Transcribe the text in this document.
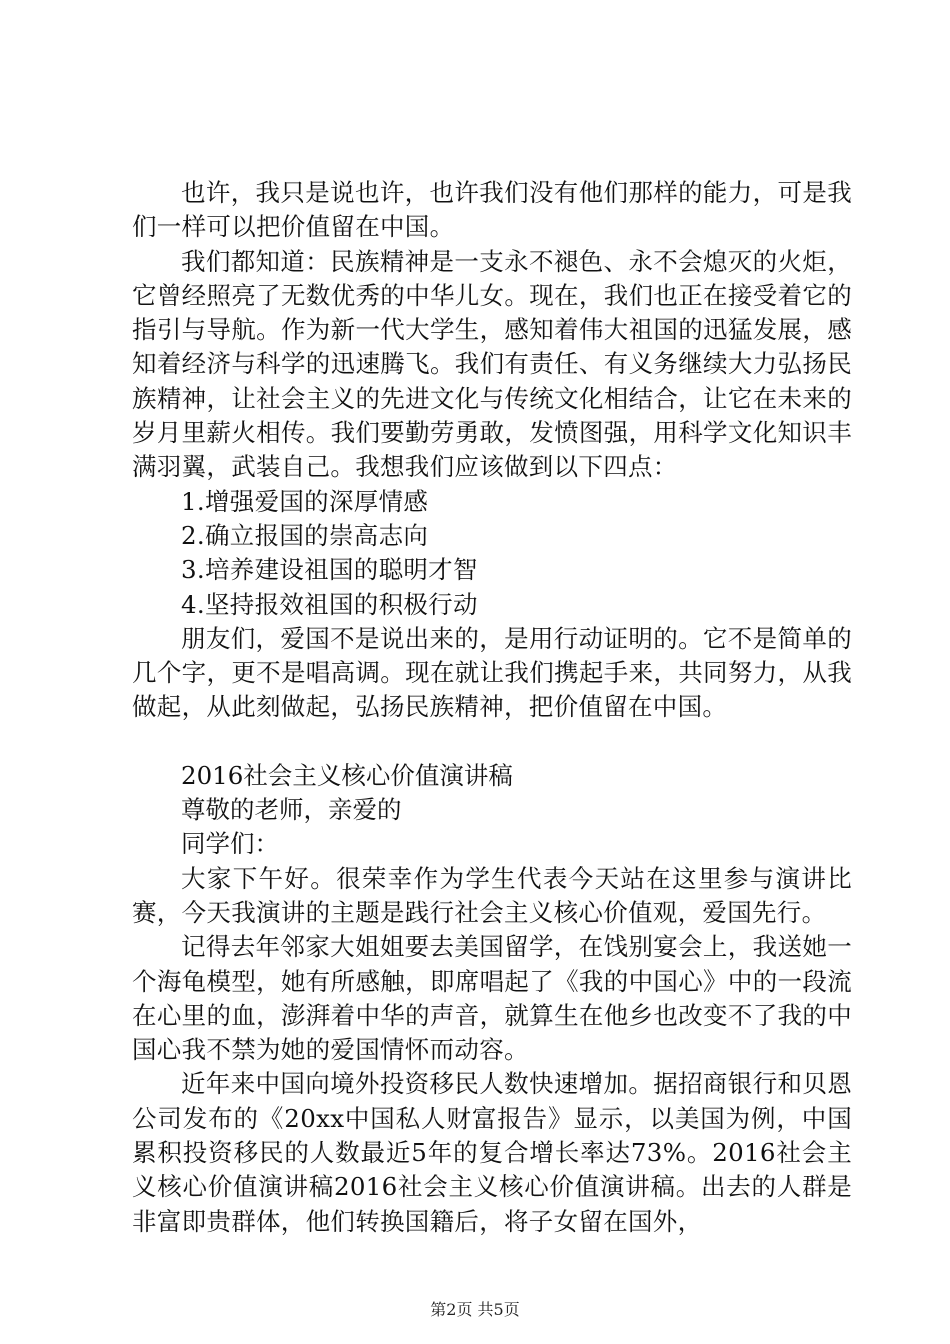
也许，我只是说也许，也许我们没有他们那样的能力，可是我们一样可以把价值留在中国。

我们都知道：民族精神是一支永不褪色、永不会熄灭的火炬，它曾经照亮了无数优秀的中华儿女。现在，我们也正在接受着它的指引与导航。作为新一代大学生，感知着伟大祖国的迅猛发展，感知着经济与科学的迅速腾飞。我们有责任、有义务继续大力弘扬民族精神，让社会主义的先进文化与传统文化相结合，让它在未来的岁月里薪火相传。我们要勤劳勇敢，发愤图强，用科学文化知识丰满羽翼，武装自己。我想我们应该做到以下四点：

1.增强爱国的深厚情感

2.确立报国的崇高志向

3.培养建设祖国的聪明才智

4.坚持报效祖国的积极行动

朋友们，爱国不是说出来的，是用行动证明的。它不是简单的几个字，更不是唱高调。现在就让我们携起手来，共同努力，从我做起，从此刻做起，弘扬民族精神，把价值留在中国。

2016社会主义核心价值演讲稿

尊敬的老师，亲爱的

同学们：

大家下午好。很荣幸作为学生代表今天站在这里参与演讲比赛，今天我演讲的主题是践行社会主义核心价值观，爱国先行。

记得去年邻家大姐姐要去美国留学，在饯别宴会上，我送她一个海龟模型，她有所感触，即席唱起了《我的中国心》中的一段流在心里的血，澎湃着中华的声音，就算生在他乡也改变不了我的中国心我不禁为她的爱国情怀而动容。

近年来中国向境外投资移民人数快速增加。据招商银行和贝恩公司发布的《20xx中国私人财富报告》显示，以美国为例，中国累积投资移民的人数最近5年的复合增长率达73%。2016社会主义核心价值演讲稿2016社会主义核心价值演讲稿。出去的人群是非富即贵群体，他们转换国籍后，将子女留在国外，

第2页 共5页
